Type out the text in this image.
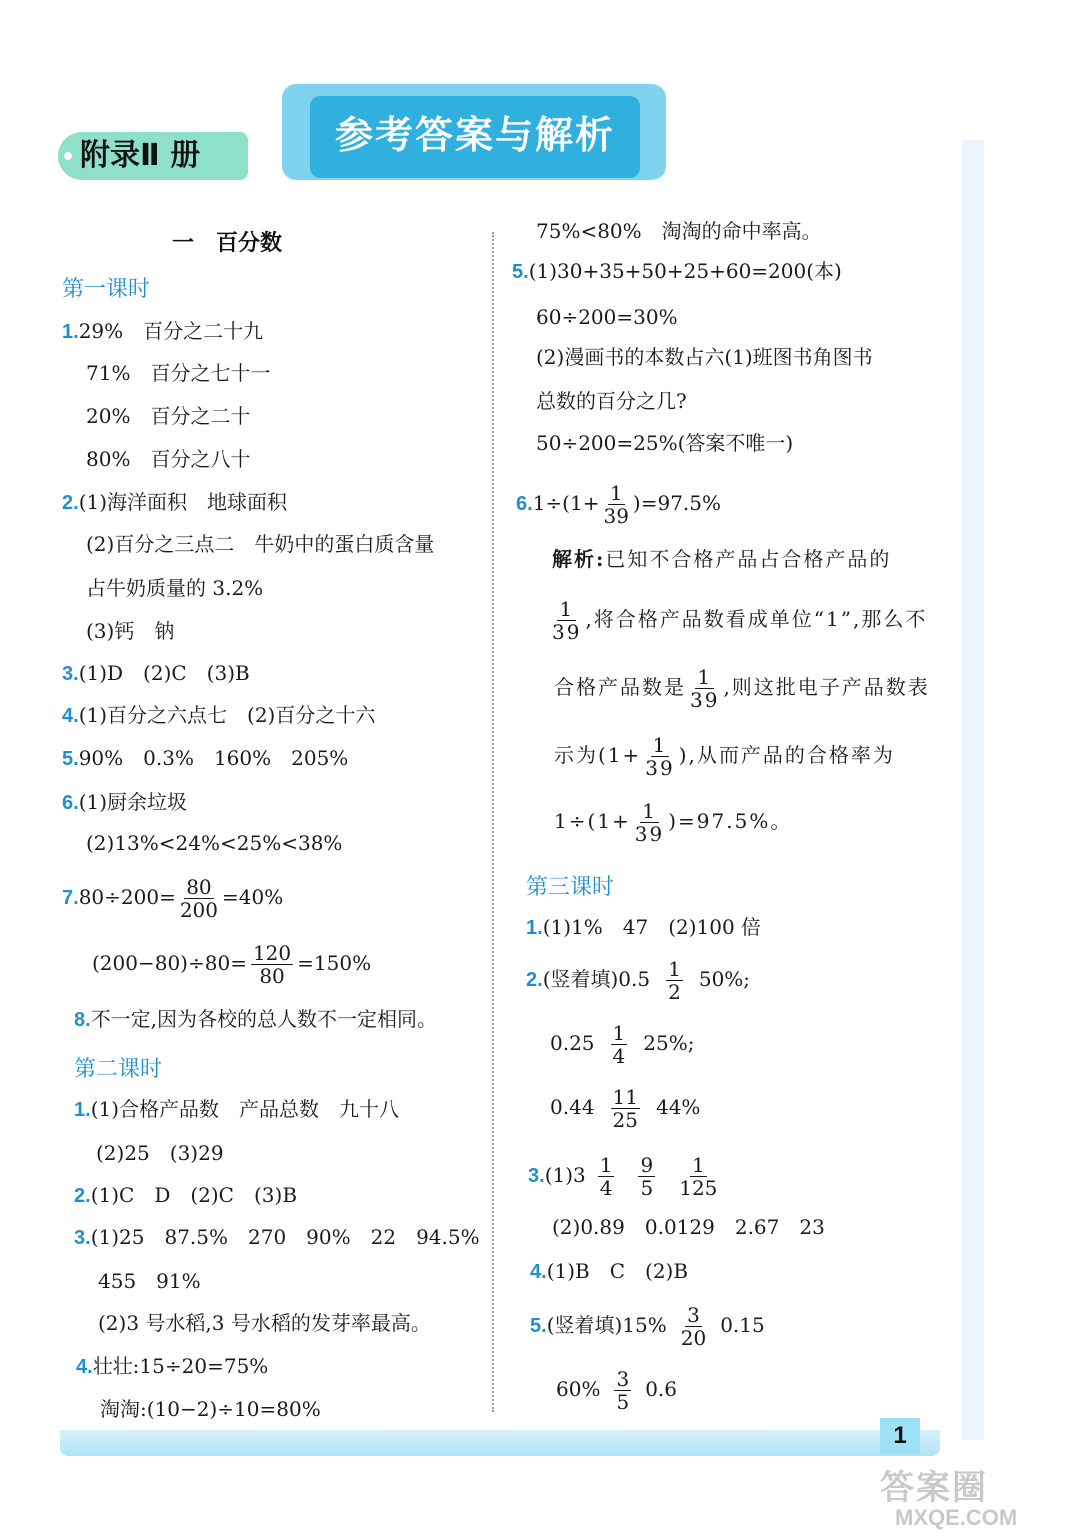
1
答案圈
MXQE.COM
参考答案与解析
附录Ⅱ 册
一　百分数
第一课时
1.29%　百分之二十九
71%　百分之七十一
20%　百分之二十
80%　百分之八十
2.(1)海洋面积　地球面积
(2)百分之三点二　牛奶中的蛋白质含量
占牛奶质量的 3.2%
(3)钙　钠
3.(1)D　(2)C　(3)B
4.(1)百分之六点七　(2)百分之十六
5.90%　0.3%　160%　205%
6.(1)厨余垃圾
(2)13%<24%<25%<38%
$7.80\div 200= \frac{80}{200} =40\%$
$(200-80)\div 80= \frac{120}{80} =150\%$
8.不一定,因为各校的总人数不一定相同。
第二课时
1.(1)合格产品数　产品总数　九十八
(2)25　(3)29
2.(1)C　D　(2)C　(3)B
3.(1)25　87.5%　270　90%　22　94.5%
455　91%
(2)3 号水稻,3 号水稻的发芽率最高。
4.壮壮:15÷20=75%
淘淘:(10−2)÷10=80%
75%<80%　淘淘的命中率高。
5.(1)30+35+50+25+60=200(本)
60÷200=30%
(2)漫画书的本数占六(1)班图书角图书
总数的百分之几?
50÷200=25%(答案不唯一)
$6.1\div(1+ \frac{1}{39} )=97.5\%$
解析:已知不合格产品占合格产品的
$\frac{1}{39}$ ,将合格产品数看成单位“1”,那么不
合格产品数是 $\frac{1}{39}$ ,则这批电子产品数表
示为($1+ \frac{1}{39}$ ),从而产品的合格率为
$1\div(1+ \frac{1}{39} )=97.5\%$。
第三课时
1.(1)1%　47　(2)100 倍
2.(竖着填)$0.5 \frac{1}{2} 50\%$;
$0.25 \frac{1}{4} 25\%$;
$0.44 \frac{11}{25} 44\%$
$3.(1)3 \frac{1}{4} \frac{9}{5} \frac{1}{125}$
(2)0.89　0.0129　2.67　23
4.(1)B　C　(2)B
5.(竖着填)$15\% \frac{3}{20} 0.15$
$60\% \frac{3}{5} 0.6$
